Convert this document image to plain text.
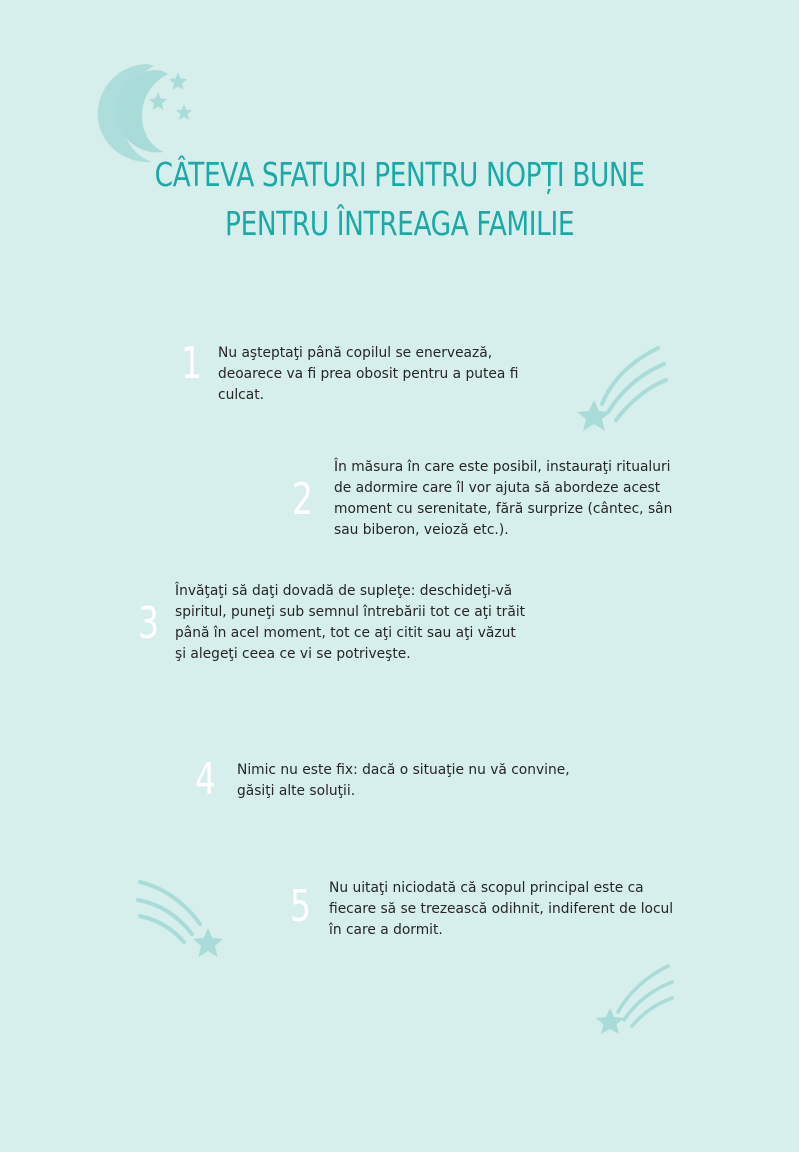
CÂTEVA SFATURI PENTRU NOPȚI BUNE
PENTRU ÎNTREAGA FAMILIE
1 Nu aşteptaţi până copilul se enervează, deoarece va fi prea obosit pentru a putea fi culcat.

2

În măsura în care este posibil, instauraţi ritualuri de adormire care îl vor ajuta să abordeze acest moment cu serenitate, fără surprize (cântec, sân sau biberon, veioză etc.).

3

Învăţaţi să daţi dovadă de supleţe: deschideţi-vă spiritul, puneţi sub semnul întrebării tot ce aţi trăit până în acel moment, tot ce aţi citit sau aţi văzut şi alegeţi ceea ce vi se potriveşte.

4 Nimic nu este fix: dacă o situaţie nu vă convine, găsiţi alte soluţii.

5 Nu uitaţi niciodată că scopul principal este ca fiecare să se trezească odihnit, indiferent de locul în care a dormit.
